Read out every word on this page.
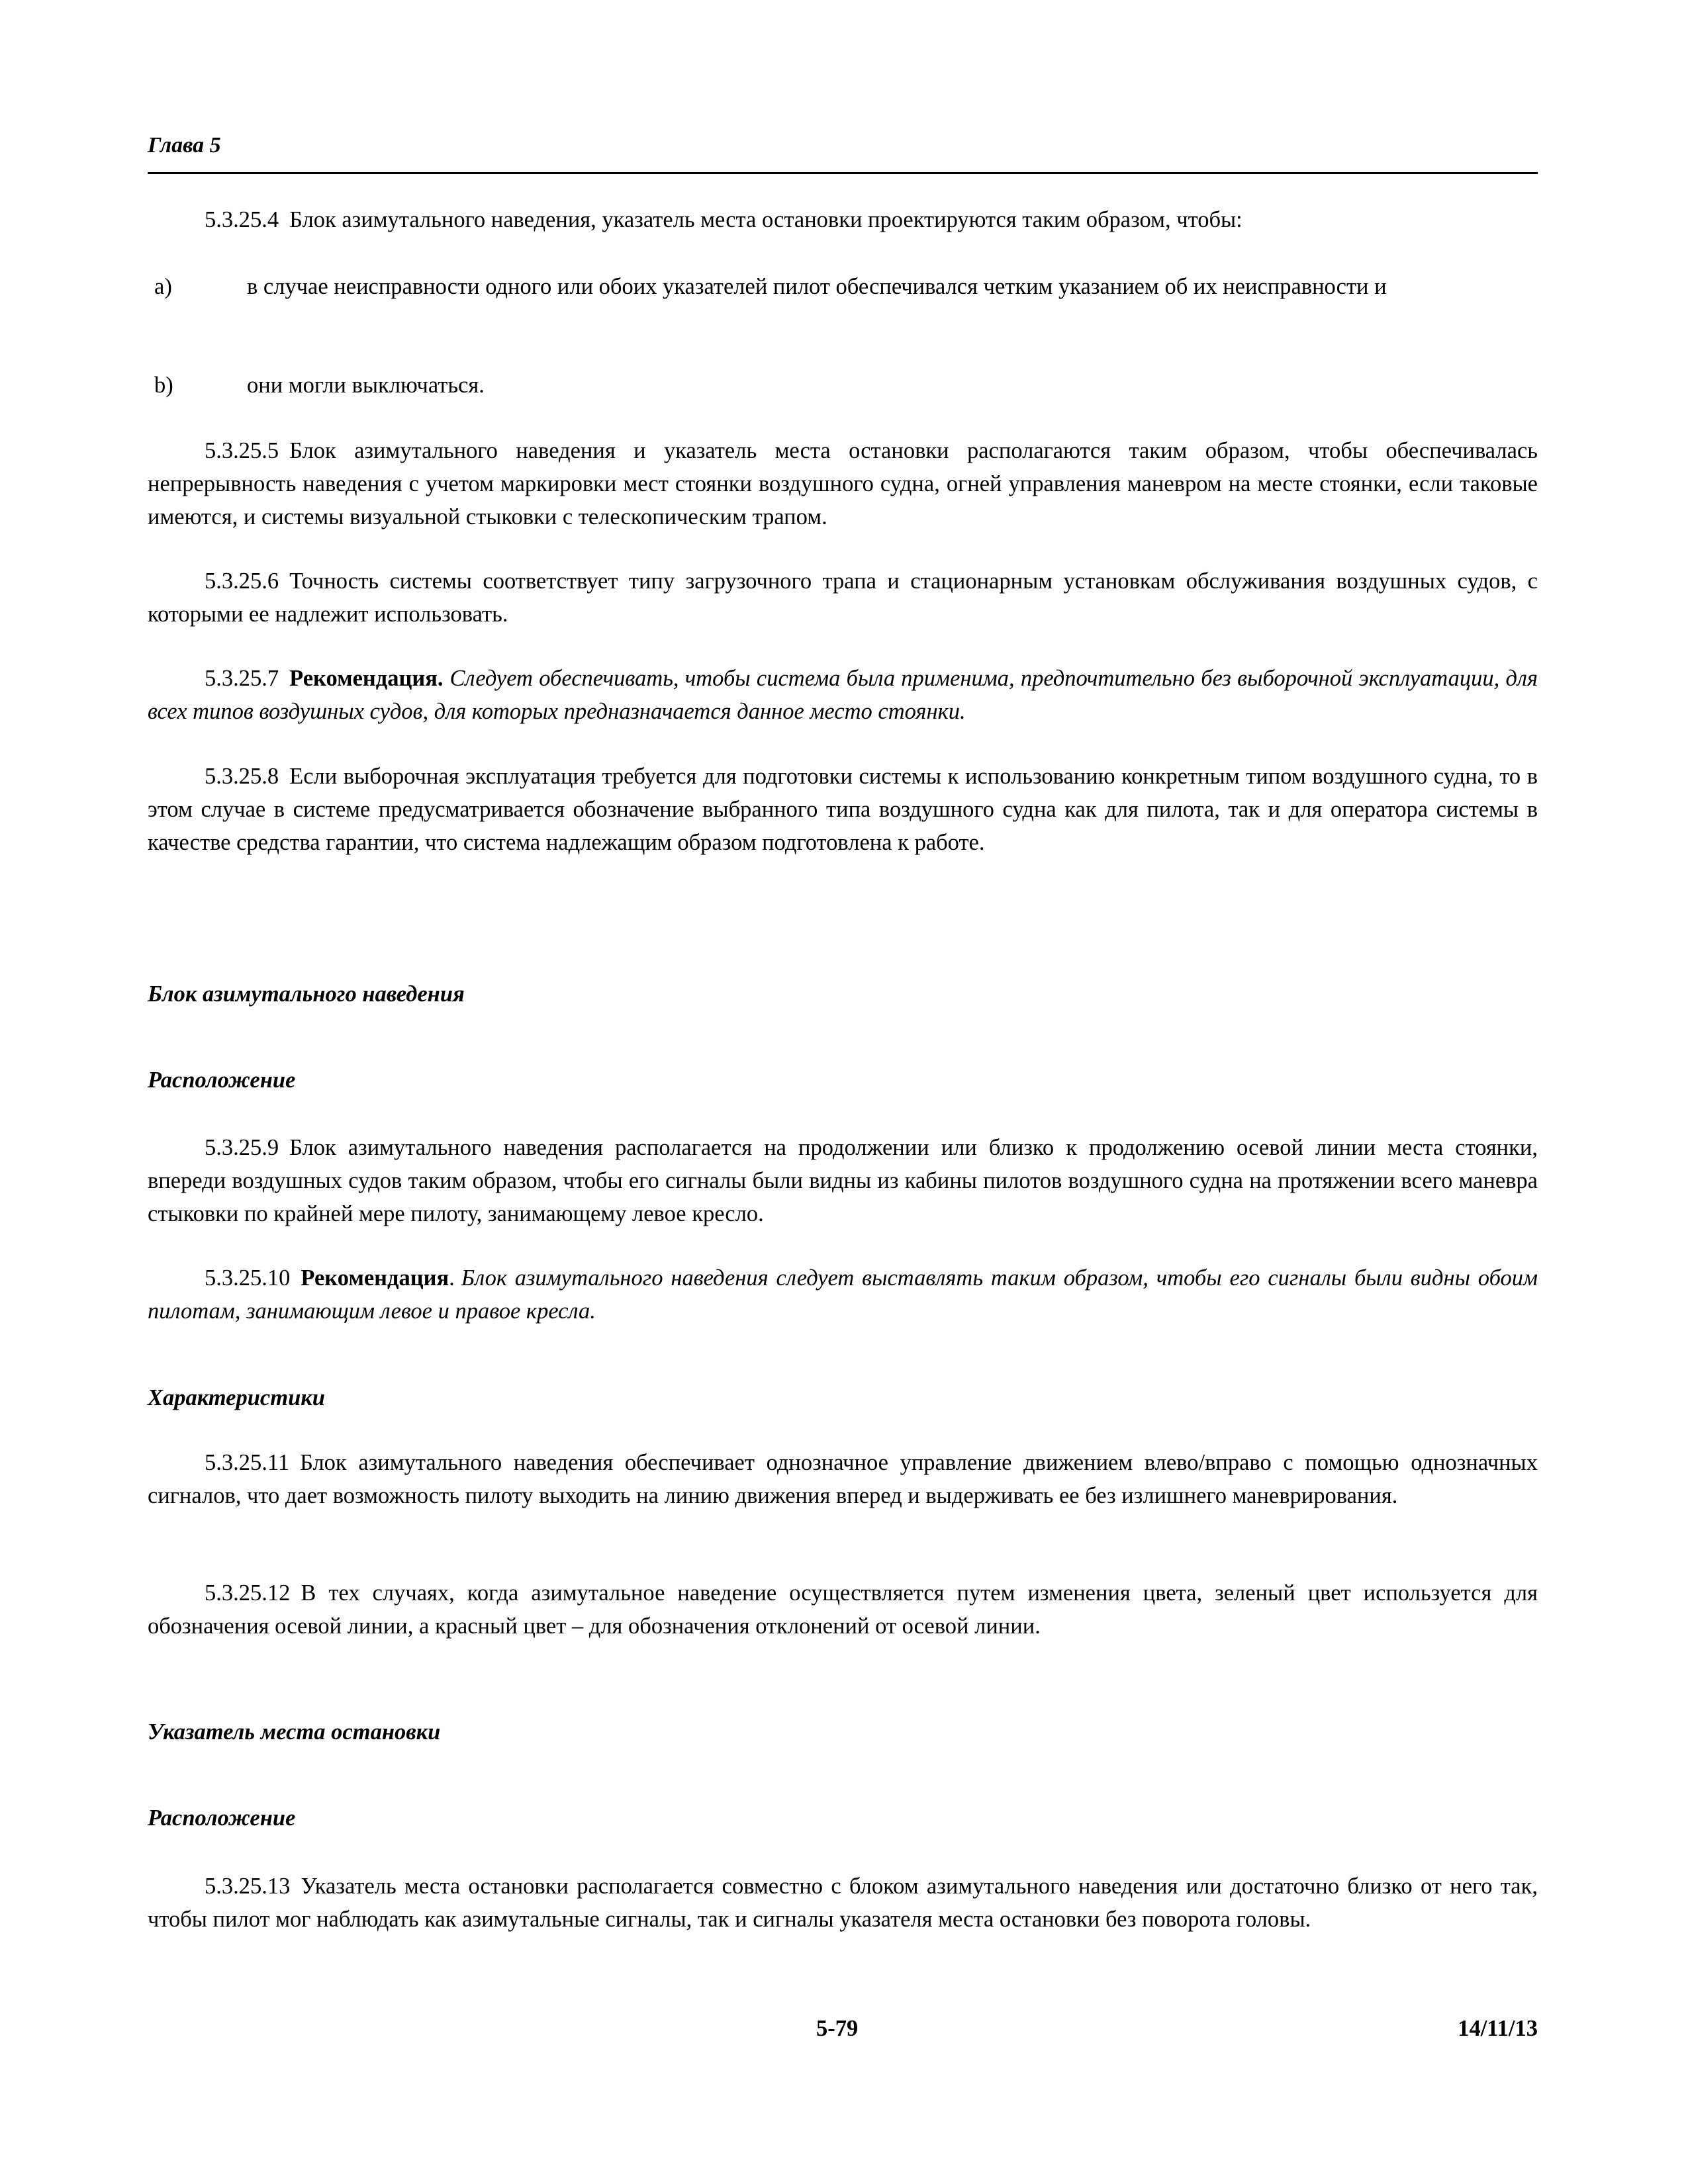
Глава 5

5.3.25.4 Блок азимутального наведения, указатель места остановки проектируются таким образом, чтобы:

a)	в случае неисправности одного или обоих указателей пилот обеспечивался четким указанием об их неисправности и
b)	они могли выключаться.

5.3.25.5 Блок азимутального наведения и указатель места остановки располагаются таким образом, чтобы обеспечивалась непрерывность наведения с учетом маркировки мест стоянки воздушного судна, огней управления маневром на месте стоянки, если таковые имеются, и системы визуальной стыковки с телескопическим трапом.

5.3.25.6 Точность системы соответствует типу загрузочного трапа и стационарным установкам обслуживания воздушных судов, с которыми ее надлежит использовать.

5.3.25.7 Рекомендация. Следует обеспечивать, чтобы система была применима, предпочтительно без выборочной эксплуатации, для всех типов воздушных судов, для которых предназначается данное место стоянки.

5.3.25.8 Если выборочная эксплуатация требуется для подготовки системы к использованию конкретным типом воздушного судна, то в этом случае в системе предусматривается обозначение выбранного типа воздушного судна как для пилота, так и для оператора системы в качестве средства гарантии, что система надлежащим образом подготовлена к работе.

Блок азимутального наведения
Расположение

5.3.25.9 Блок азимутального наведения располагается на продолжении или близко к продолжению осевой линии места стоянки, впереди воздушных судов таким образом, чтобы его сигналы были видны из кабины пилотов воздушного судна на протяжении всего маневра стыковки по крайней мере пилоту, занимающему левое кресло.

5.3.25.10 Рекомендация. Блок азимутального наведения следует выставлять таким образом, чтобы его сигналы были видны обоим пилотам, занимающим левое и правое кресла.

Характеристики

5.3.25.11 Блок азимутального наведения обеспечивает однозначное управление движением влево/вправо с помощью однозначных сигналов, что дает возможность пилоту выходить на линию движения вперед и выдерживать ее без излишнего маневрирования.

5.3.25.12 В тех случаях, когда азимутальное наведение осуществляется путем изменения цвета, зеленый цвет используется для обозначения осевой линии, а красный цвет – для обозначения отклонений от осевой линии.

Указатель места остановки
Расположение

5.3.25.13 Указатель места остановки располагается совместно с блоком азимутального наведения или достаточно близко от него так, чтобы пилот мог наблюдать как азимутальные сигналы, так и сигналы указателя места остановки без поворота головы.

5-79	14/11/13
